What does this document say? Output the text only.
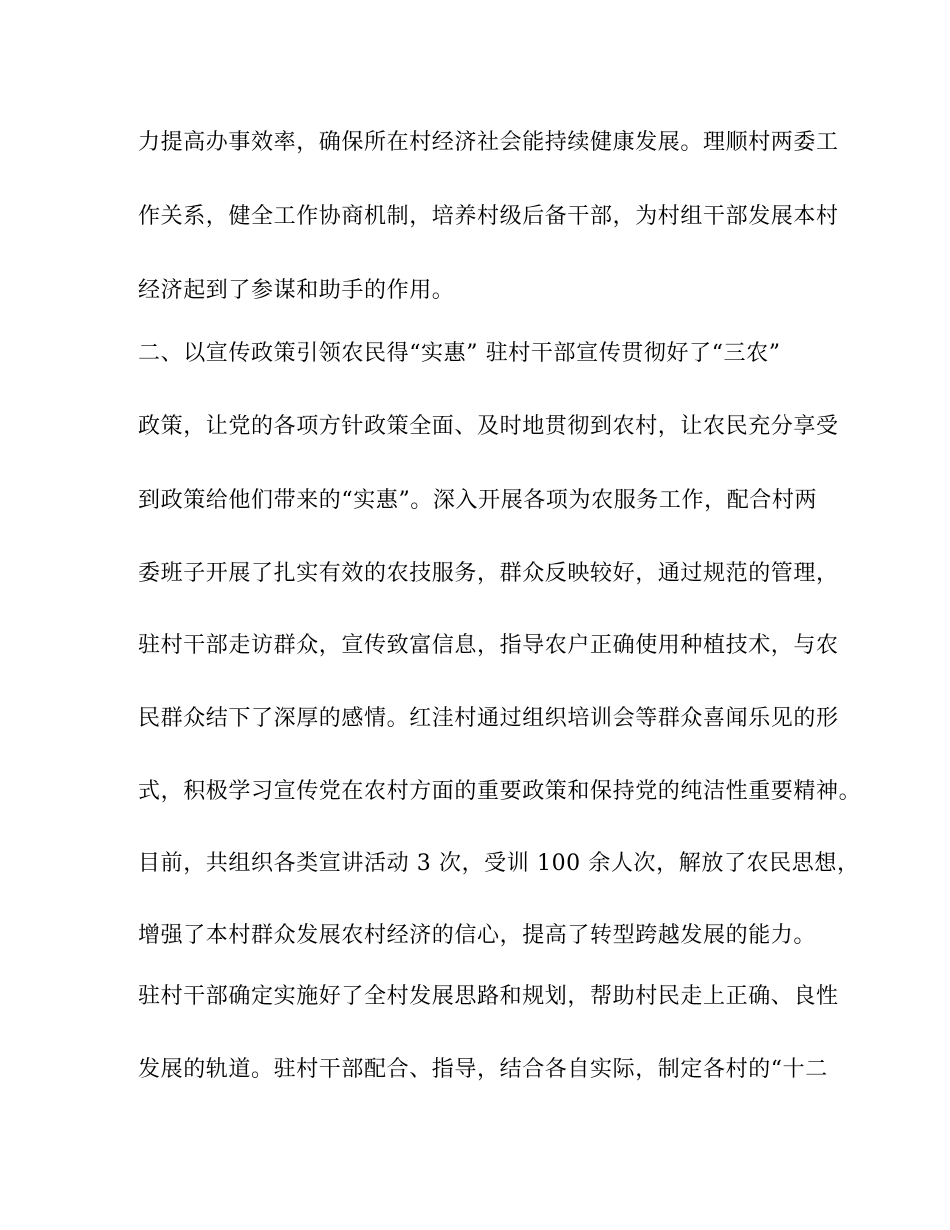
力提高办事效率，确保所在村经济社会能持续健康发展。理顺村两委工
作关系，健全工作协商机制，培养村级后备干部，为村组干部发展本村
经济起到了参谋和助手的作用。
二、以宣传政策引领农民得“实惠” 驻村干部宣传贯彻好了“三农”
政策，让党的各项方针政策全面、及时地贯彻到农村，让农民充分享受
到政策给他们带来的“实惠”。深入开展各项为农服务工作，配合村两
委班子开展了扎实有效的农技服务，群众反映较好，通过规范的管理，
驻村干部走访群众，宣传致富信息，指导农户正确使用种植技术，与农
民群众结下了深厚的感情。红洼村通过组织培训会等群众喜闻乐见的形
式，积极学习宣传党在农村方面的重要政策和保持党的纯洁性重要精神。
目前，共组织各类宣讲活动 3 次，受训 100 余人次，解放了农民思想，
增强了本村群众发展农村经济的信心，提高了转型跨越发展的能力。
驻村干部确定实施好了全村发展思路和规划，帮助村民走上正确、良性
发展的轨道。驻村干部配合、指导，结合各自实际，制定各村的“十二
